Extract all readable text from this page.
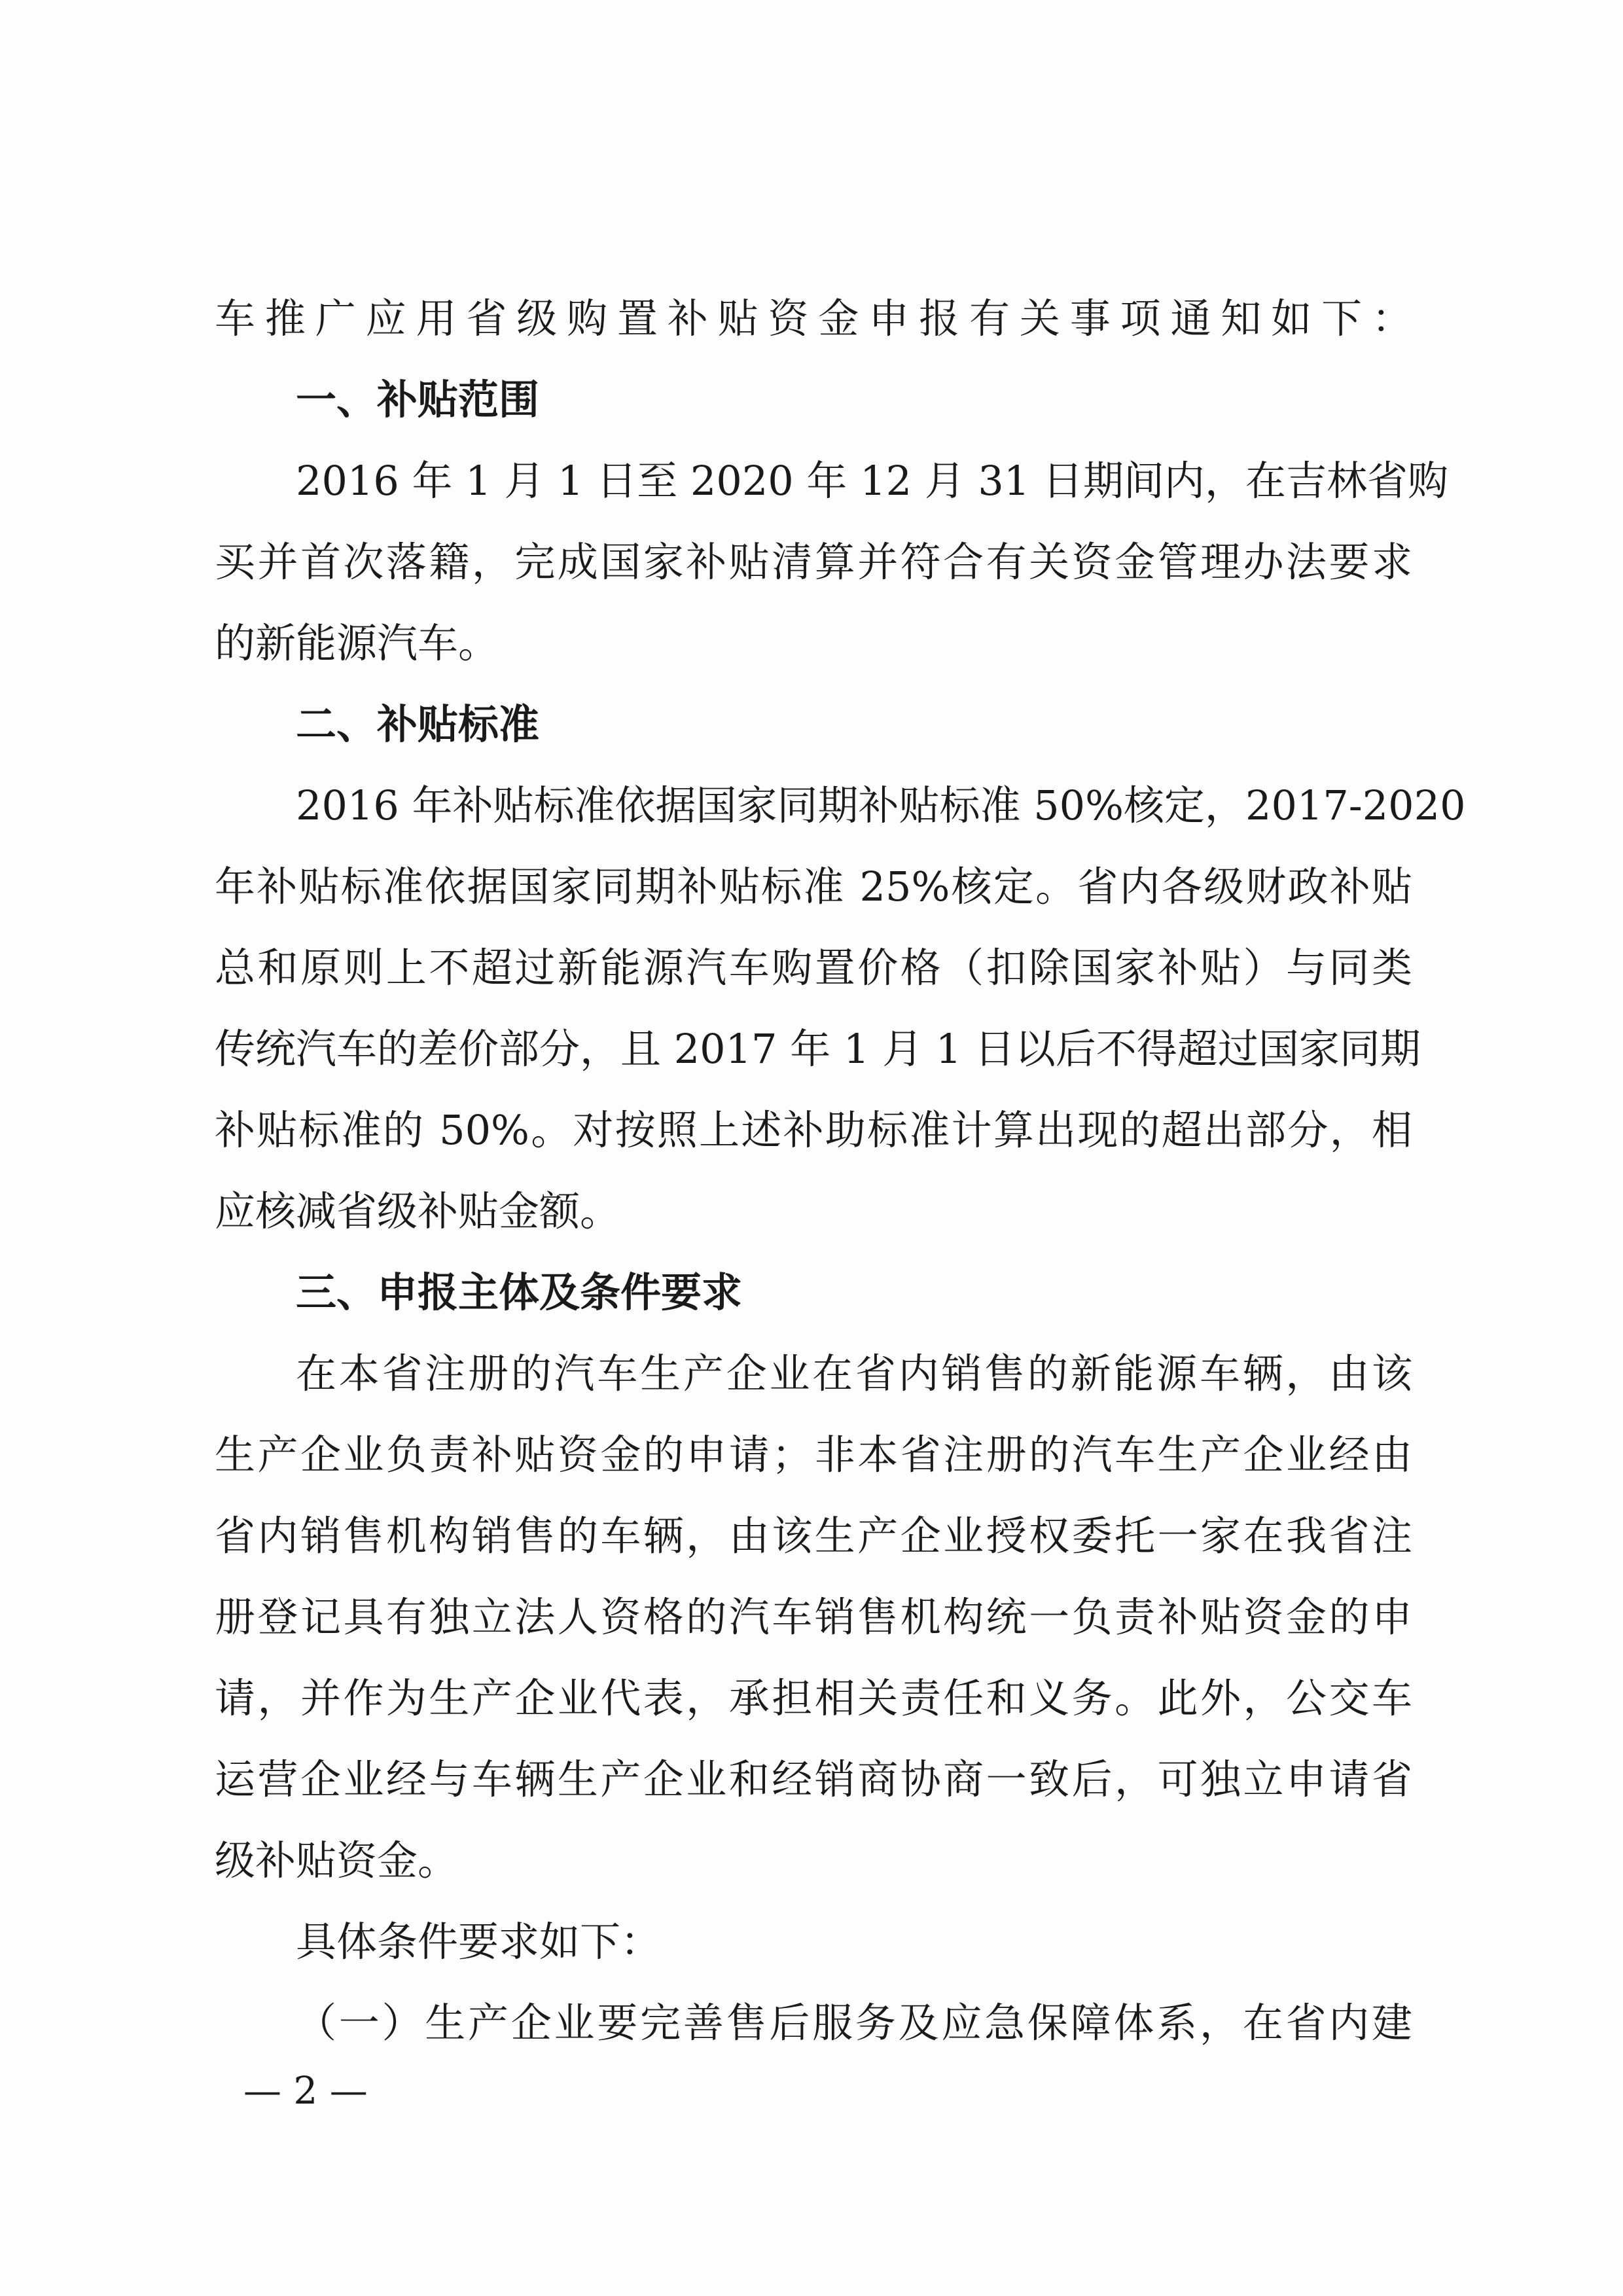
车推广应用省级购置补贴资金申报有关事项通知如下：
一、补贴范围
2016 年 1 月 1 日至 2020 年 12 月 31 日期间内，在吉林省购
买并首次落籍，完成国家补贴清算并符合有关资金管理办法要求
的新能源汽车。
二、补贴标准
2016 年补贴标准依据国家同期补贴标准 50%核定，2017-2020
年补贴标准依据国家同期补贴标准 25%核定。省内各级财政补贴
总和原则上不超过新能源汽车购置价格（扣除国家补贴）与同类
传统汽车的差价部分，且 2017 年 1 月 1 日以后不得超过国家同期
补贴标准的 50%。对按照上述补助标准计算出现的超出部分，相
应核减省级补贴金额。
三、申报主体及条件要求
在本省注册的汽车生产企业在省内销售的新能源车辆，由该
生产企业负责补贴资金的申请；非本省注册的汽车生产企业经由
省内销售机构销售的车辆，由该生产企业授权委托一家在我省注
册登记具有独立法人资格的汽车销售机构统一负责补贴资金的申
请，并作为生产企业代表，承担相关责任和义务。此外，公交车
运营企业经与车辆生产企业和经销商协商一致后，可独立申请省
级补贴资金。
具体条件要求如下：
（一）生产企业要完善售后服务及应急保障体系，在省内建
— 2 —
